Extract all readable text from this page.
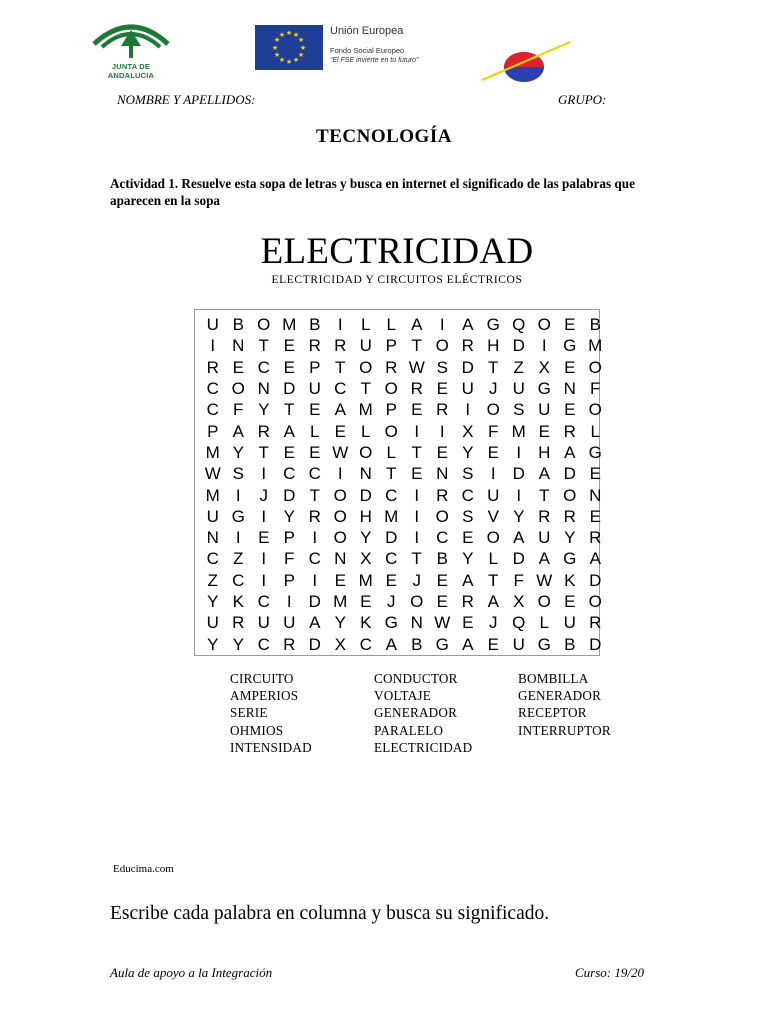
JUNTA DE ANDALUCIA
★ ★
★
★
★
★
★
★
★
★
★
★	Unión Europea
Fondo Social Europeo
“El FSE invierte en tu futuro”
NOMBRE Y APELLIDOS:	GRUPO:
TECNOLOGÍA
Actividad 1. Resuelve esta sopa de letras y busca en internet el significado de las palabras que aparecen en la sopa
ELECTRICIDAD
ELECTRICIDAD Y CIRCUITOS ELÉCTRICOS
U B O M B	I	L L A	I	A G Q O E B
I	N T E R R U P T O R H D I G M
R E C E P T O R W S D T Z X E O
C O N D U C T O R E U J U G N F
C F Y T E A M P E R I O S U E O
P A R A L E L O I	I	X F M E R L
M Y T E E W O L T E Y E	I	H A G
W S	I	C C I	N T E N S	I	D A D E
M I	J D T O D C I	R C U I	T O N
U G I	Y R O H M I O S V Y R R E
N I	E P	I O Y D I	C E O A U Y R
C Z	I	F C N X C T B Y L D A G A
Z C I	P	I	E M E J E A T F W K D
Y K C I	D M E J O E R A X O E O
U R U U A Y K G N W E J Q L U R
Y Y C R D X C A B G A E U G B D
CIRCUITO
AMPERIOS
SERIE
OHMIOS
INTENSIDAD
CONDUCTOR
VOLTAJE
GENERADOR
PARALELO
ELECTRICIDAD
BOMBILLA
GENERADOR
RECEPTOR
INTERRUPTOR
Educima.com
Escribe cada palabra en columna y busca su significado.
Aula de apoyo a la Integración	Curso: 19/20
